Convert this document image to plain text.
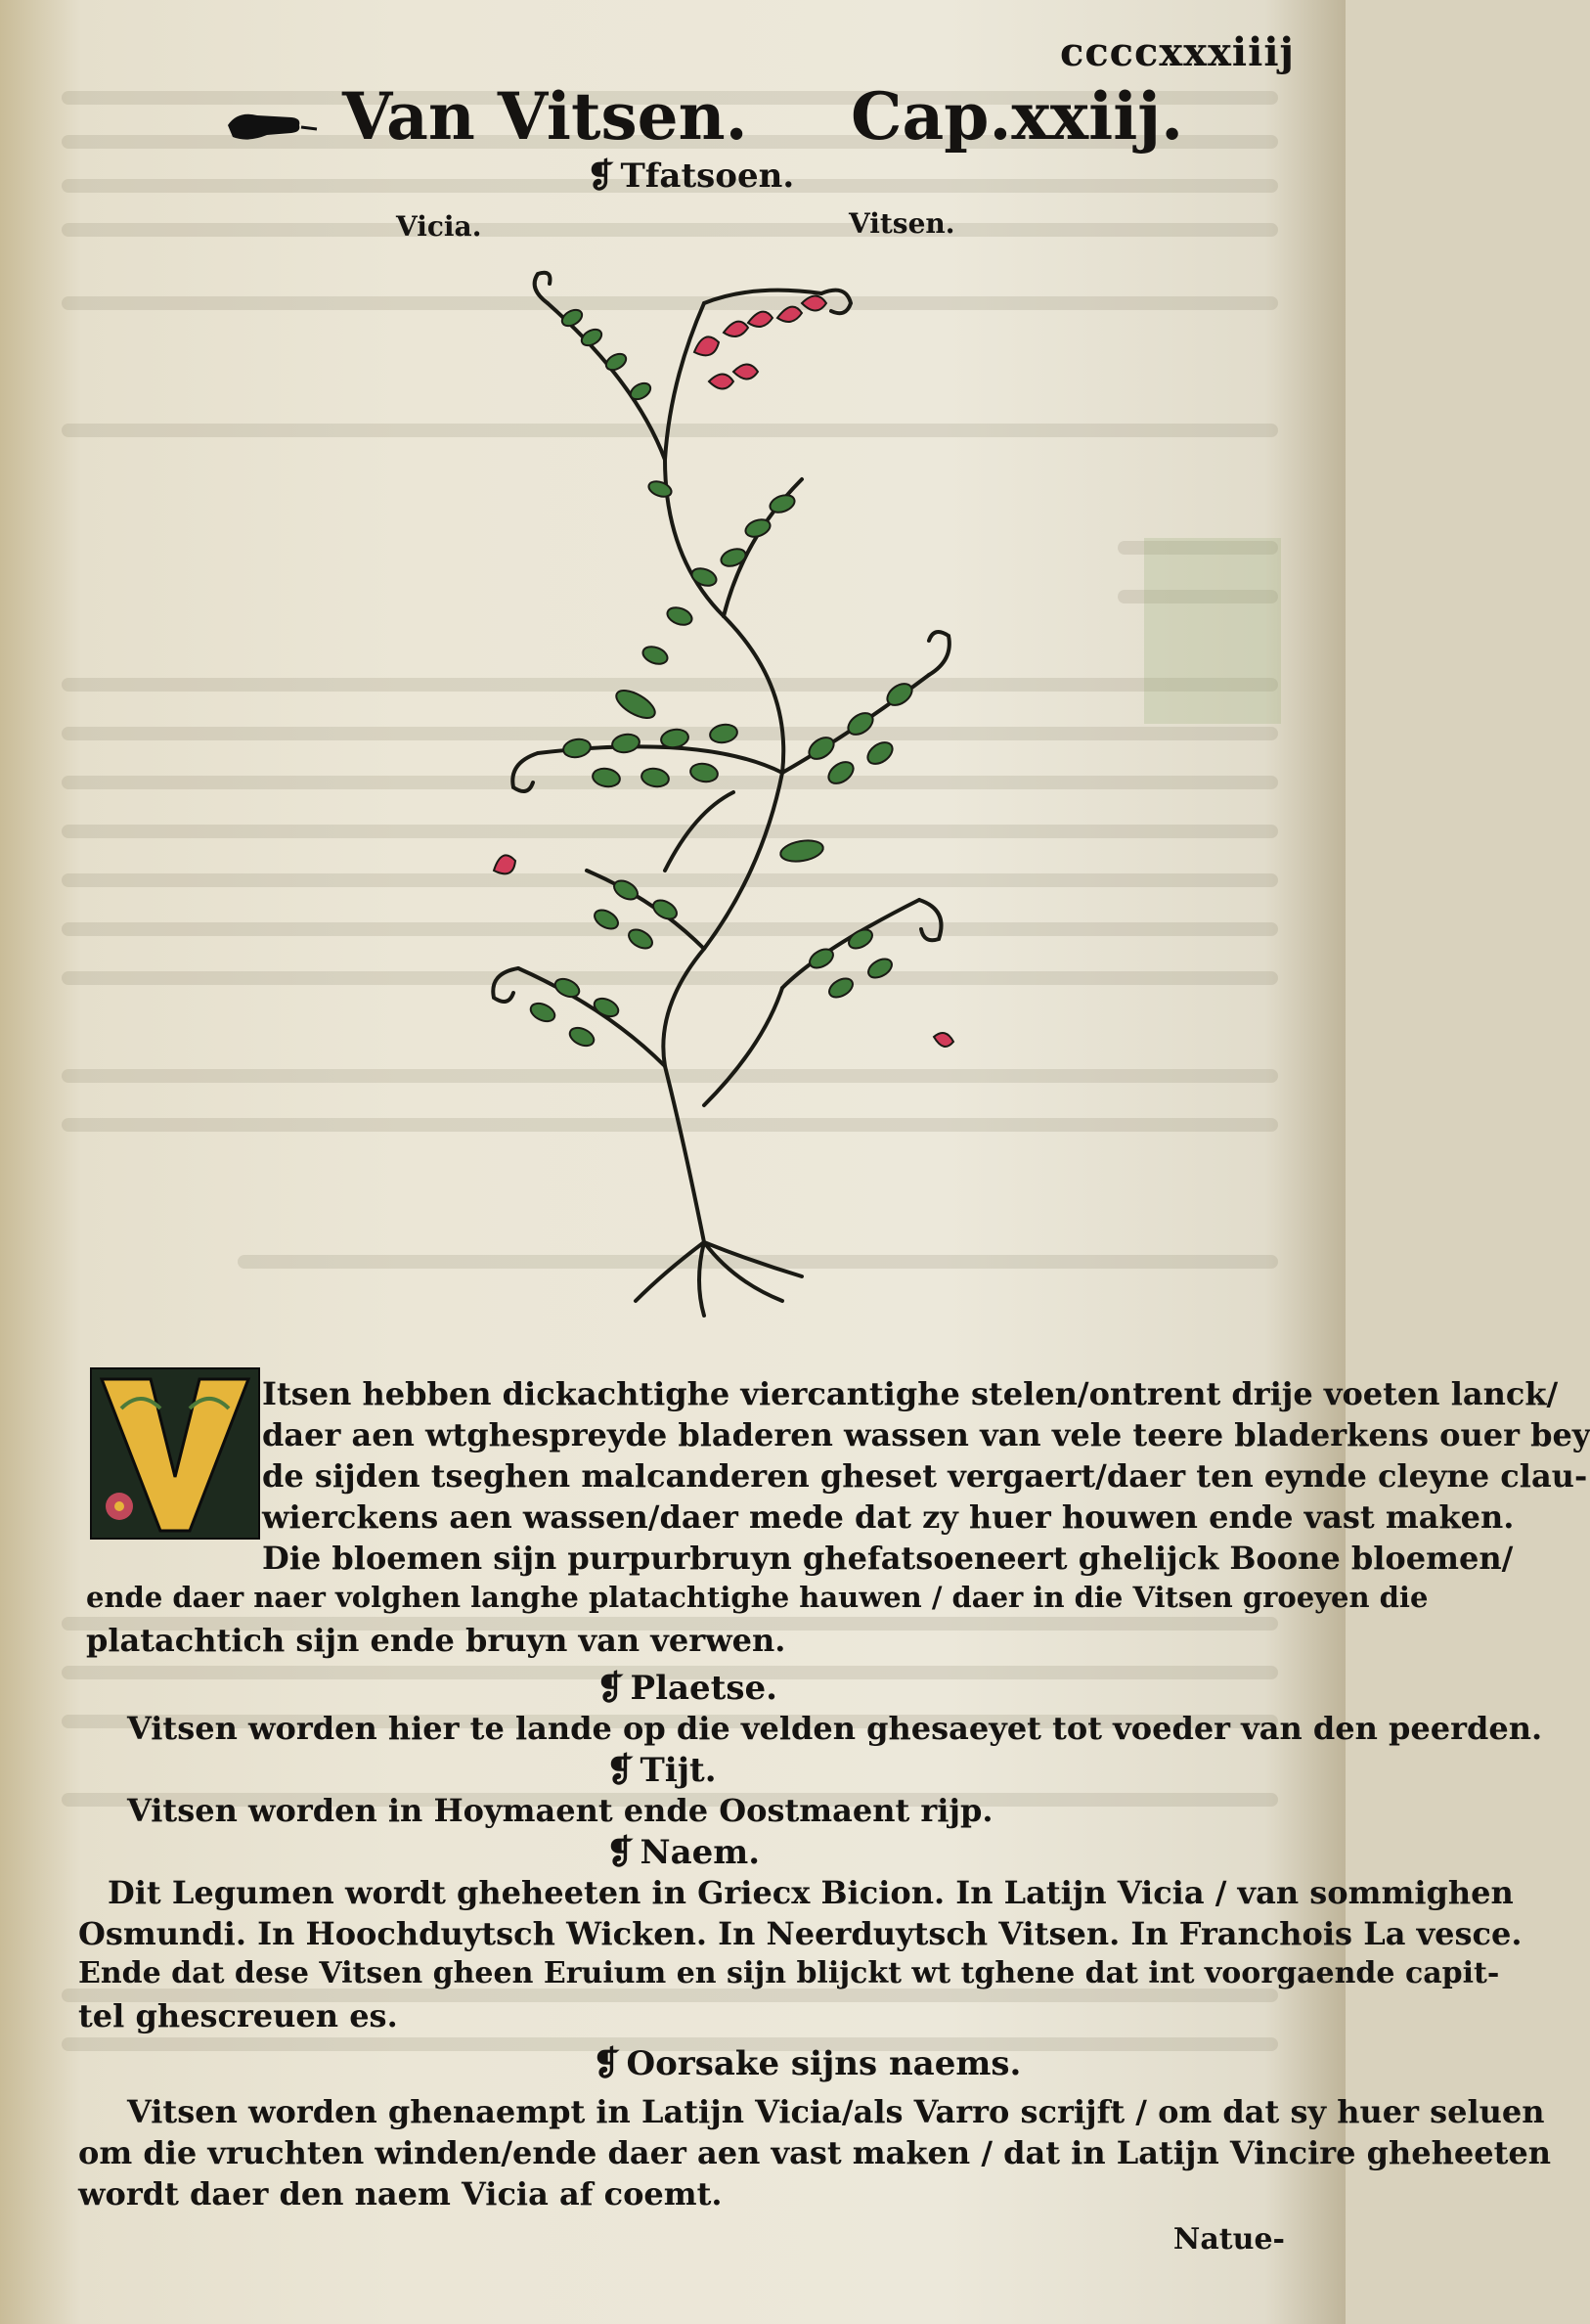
ccccxxxiiij
Van Vitsen. Cap.xxiij.
❡ Tfatsoen.
Vicia.	Vitsen.
Itsen hebben dickachtighe viercantighe stelen/ontrent drije voeten lanck/
daer aen wtghespreyde bladeren wassen van vele teere bladerkens ouer bey
de sijden tseghen malcanderen gheset vergaert/daer ten eynde cleyne clau-
wierckens aen wassen/daer mede dat zy huer houwen ende vast maken.
Die bloemen sijn purpurbruyn ghefatsoeneert ghelijck Boone bloemen/
ende daer naer volghen langhe platachtighe hauwen / daer in die Vitsen groeyen die
platachtich sijn ende bruyn van verwen.
❡ Plaetse.
Vitsen worden hier te lande op die velden ghesaeyet tot voeder van den peerden.
❡ Tijt.
Vitsen worden in Hoymaent ende Oostmaent rijp.
❡ Naem.
Dit Legumen wordt gheheeten in Griecx Bicion. In Latijn Vicia / van sommighen
Osmundi. In Hoochduytsch Wicken. In Neerduytsch Vitsen. In Franchois La vesce.
Ende dat dese Vitsen gheen Eruium en sijn blijckt wt tghene dat int voorgaende capit-
tel ghescreuen es.
❡ Oorsake sijns naems.
Vitsen worden ghenaempt in Latijn Vicia/als Varro scrijft / om dat sy huer seluen
om die vruchten winden/ende daer aen vast maken / dat in Latijn Vincire gheheeten
wordt daer den naem Vicia af coemt.
Natue-
